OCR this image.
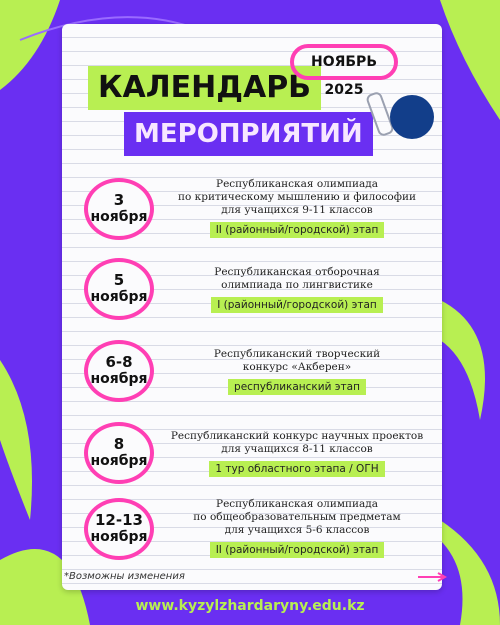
КАЛЕНДАРЬ
МЕРОПРИЯТИЙ
НОЯБРЬ 2025
3
ноября
Республиканская олимпиада
по критическому мышлению и философии
для учащихся 9-11 классов
II (районный/городской) этап
5
ноября
Республиканская отборочная
олимпиада по лингвистике
I (районный/городской) этап
6-8
ноября
Республиканский творческий
конкурс «Акберен»
республиканский этап
8
ноября
Республиканский конкурс научных проектов
для учащихся 8-11 классов
1 тур областного этапа / ОГН
12-13
ноября
Республиканская олимпиада
по общеобразовательным предметам
для учащихся 5-6 классов
II (районный/городской) этап
*Возможны изменения
www.kyzylzhardaryny.edu.kz
